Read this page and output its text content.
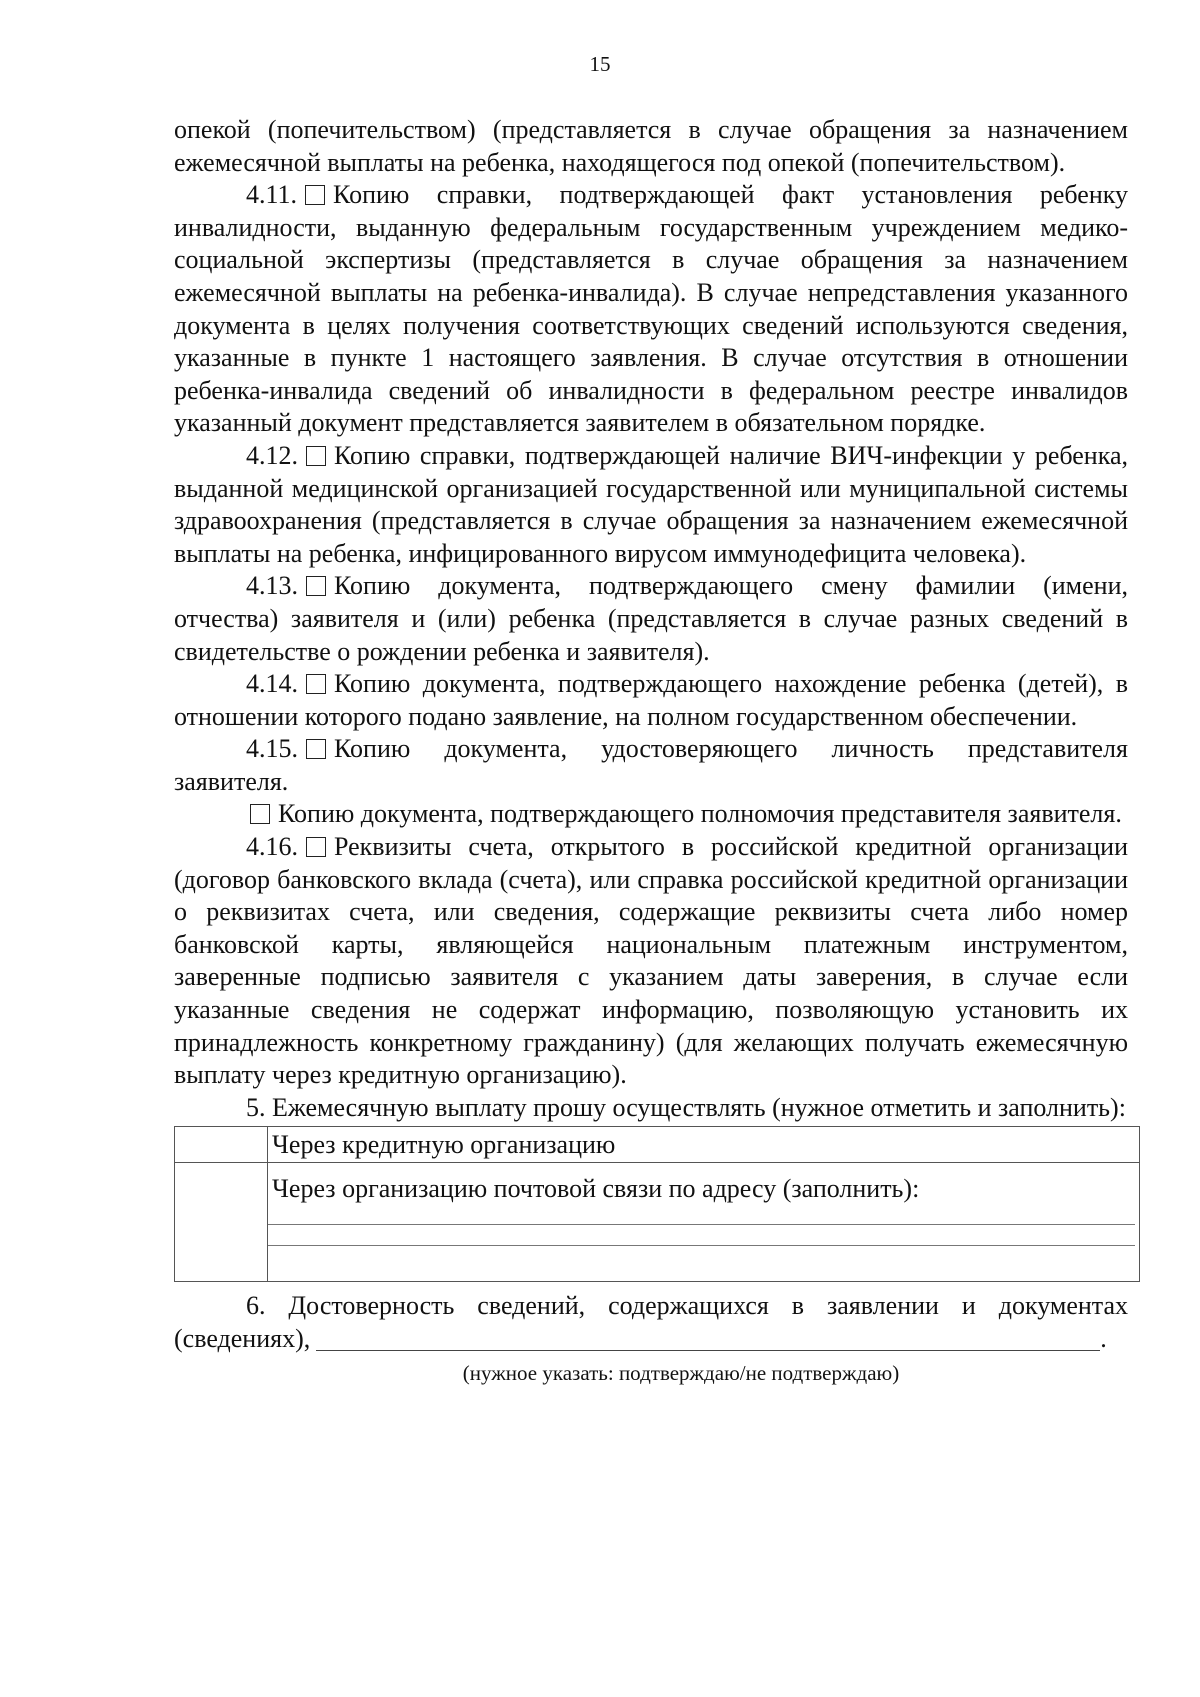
15

опекой (попечительством) (представляется в случае обращения за назначением ежемесячной выплаты на ребенка, находящегося под опекой (попечительством).

4.11. Копию справки, подтверждающей факт установления ребенку инвалидности, выданную федеральным государственным учреждением медико-социальной экспертизы (представляется в случае обращения за назначением ежемесячной выплаты на ребенка-инвалида). В случае непредставления указанного документа в целях получения соответствующих сведений используются сведения, указанные в пункте 1 настоящего заявления. В случае отсутствия в отношении ребенка-инвалида сведений об инвалидности в федеральном реестре инвалидов указанный документ представляется заявителем в обязательном порядке.

4.12. Копию справки, подтверждающей наличие ВИЧ-инфекции у ребенка, выданной медицинской организацией государственной или муниципальной системы здравоохранения (представляется в случае обращения за назначением ежемесячной выплаты на ребенка, инфицированного вирусом иммунодефицита человека).

4.13. Копию документа, подтверждающего смену фамилии (имени, отчества) заявителя и (или) ребенка (представляется в случае разных сведений в свидетельстве о рождении ребенка и заявителя).

4.14. Копию документа, подтверждающего нахождение ребенка (детей), в отношении которого подано заявление, на полном государственном обеспечении.

4.15. Копию документа, удостоверяющего личность представителя заявителя.

Копию документа, подтверждающего полномочия представителя заявителя.

4.16. Реквизиты счета, открытого в российской кредитной организации (договор банковского вклада (счета), или справка российской кредитной организации о реквизитах счета, или сведения, содержащие реквизиты счета либо номер банковской карты, являющейся национальным платежным инструментом, заверенные подписью заявителя с указанием даты заверения, в случае если указанные сведения не содержат информацию, позволяющую установить их принадлежность конкретному гражданину) (для желающих получать ежемесячную выплату через кредитную организацию).

5. Ежемесячную выплату прошу осуществлять (нужное отметить и заполнить):

	Через кредитную организацию

	Через организацию почтовой связи по адресу (заполнить):

6. Достоверность сведений, содержащихся в заявлении и документах (сведениях),	.

(нужное указать: подтверждаю/не подтверждаю)
